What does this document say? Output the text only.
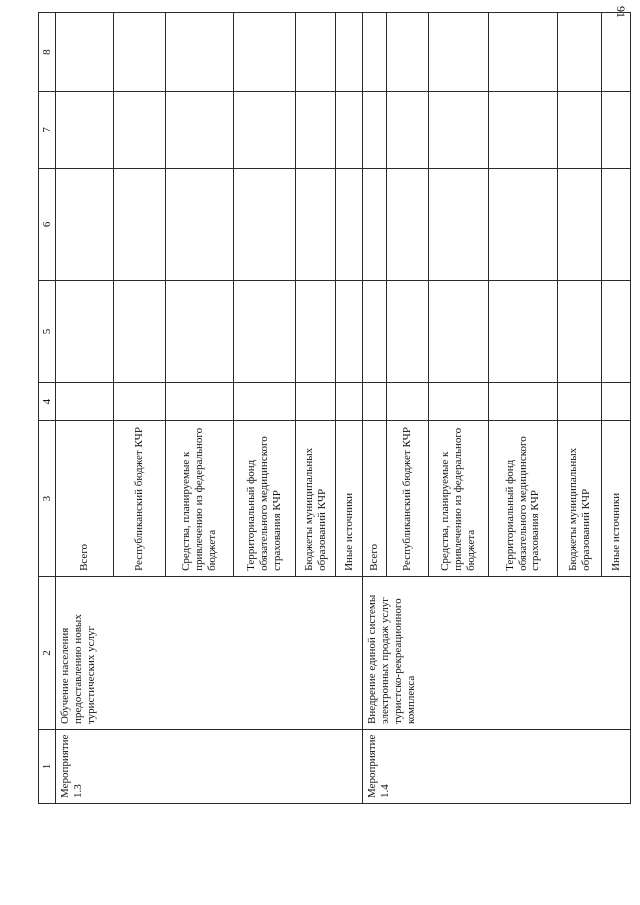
91
1	2	3	4	5	6	7	8
Мероприятие 1.3	Обучение населения предоставлению новых туристических услуг	Всего					
		Республиканский бюджет КЧР					
		Средства, планируемые к привлечению из федерального бюджета					
		Территориальный фонд обязательного медицинского страхования КЧР					
		Бюджеты муниципальных образований КЧР					
		Иные источники					
Мероприятие 1.4	Внедрение единой системы электронных продаж услуг туристско-рекреационного комплекса	Всего					
		Республиканский бюджет КЧР					
		Средства, планируемые к привлечению из федерального бюджета					
		Территориальный фонд обязательного медицинского страхования КЧР					
		Бюджеты муниципальных образований КЧР					
		Иные источники					
